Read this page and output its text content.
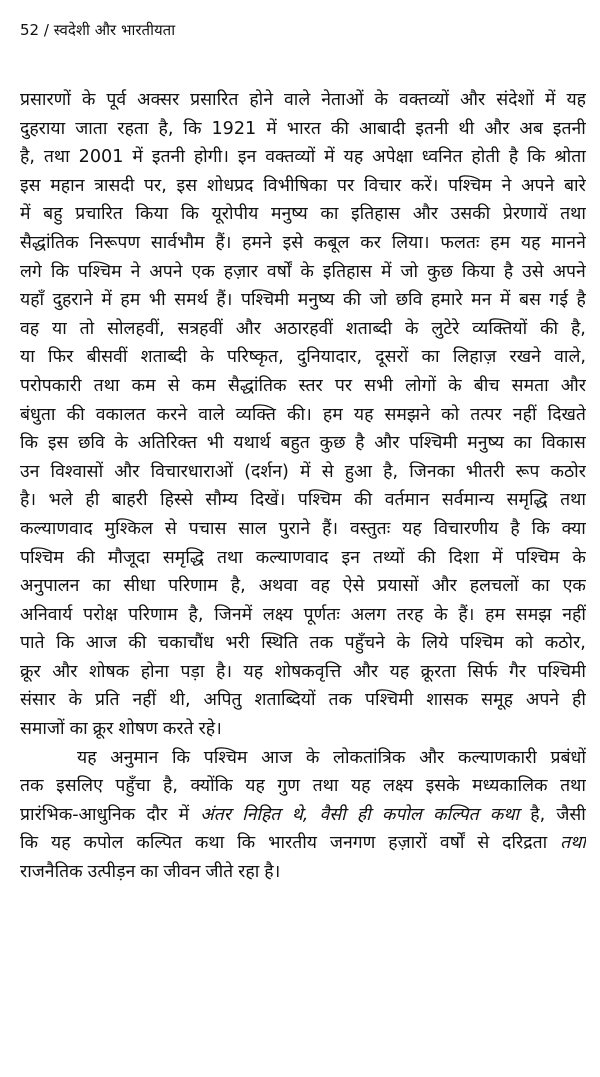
52 / स्वदेशी और भारतीयता
प्रसारणों के पूर्व अक्सर प्रसारित होने वाले नेताओं के वक्तव्यों और संदेशों में यह
दुहराया जाता रहता है, कि 1921 में भारत की आबादी इतनी थी और अब इतनी
है, तथा 2001 में इतनी होगी। इन वक्तव्यों में यह अपेक्षा ध्वनित होती है कि श्रोता
इस महान त्रासदी पर, इस शोधप्रद विभीषिका पर विचार करें। पश्चिम ने अपने बारे
में बहु प्रचारित किया कि यूरोपीय मनुष्य का इतिहास और उसकी प्रेरणायें तथा
सैद्धांतिक निरूपण सार्वभौम हैं। हमने इसे कबूल कर लिया। फलतः हम यह मानने
लगे कि पश्चिम ने अपने एक हज़ार वर्षों के इतिहास में जो कुछ किया है उसे अपने
यहाँ दुहराने में हम भी समर्थ हैं। पश्चिमी मनुष्य की जो छवि हमारे मन में बस गई है
वह या तो सोलहवीं, सत्रहवीं और अठारहवीं शताब्दी के लुटेरे व्यक्तियों की है,
या फिर बीसवीं शताब्दी के परिष्कृत, दुनियादार, दूसरों का लिहाज़ रखने वाले,
परोपकारी तथा कम से कम सैद्धांतिक स्तर पर सभी लोगों के बीच समता और
बंधुता की वकालत करने वाले व्यक्ति की। हम यह समझने को तत्पर नहीं दिखते
कि इस छवि के अतिरिक्त भी यथार्थ बहुत कुछ है और पश्चिमी मनुष्य का विकास
उन विश्वासों और विचारधाराओं (दर्शन) में से हुआ है, जिनका भीतरी रूप कठोर
है। भले ही बाहरी हिस्से सौम्य दिखें। पश्चिम की वर्तमान सर्वमान्य समृद्धि तथा
कल्याणवाद मुश्किल से पचास साल पुराने हैं। वस्तुतः यह विचारणीय है कि क्या
पश्चिम की मौजूदा समृद्धि तथा कल्याणवाद इन तथ्यों की दिशा में पश्चिम के
अनुपालन का सीधा परिणाम है, अथवा वह ऐसे प्रयासों और हलचलों का एक
अनिवार्य परोक्ष परिणाम है, जिनमें लक्ष्य पूर्णतः अलग तरह के हैं। हम समझ नहीं
पाते कि आज की चकाचौंध भरी स्थिति तक पहुँचने के लिये पश्चिम को कठोर,
क्रूर और शोषक होना पड़ा है। यह शोषकवृत्ति और यह क्रूरता सिर्फ गैर पश्चिमी
संसार के प्रति नहीं थी, अपितु शताब्दियों तक पश्चिमी शासक समूह अपने ही
समाजों का क्रूर शोषण करते रहे।
यह अनुमान कि पश्चिम आज के लोकतांत्रिक और कल्याणकारी प्रबंधों
तक इसलिए पहुँचा है, क्योंकि यह गुण तथा यह लक्ष्य इसके मध्यकालिक तथा
प्रारंभिक-आधुनिक दौर में अंतर निहित थे, वैसी ही कपोल कल्पित कथा है, जैसी
कि यह कपोल कल्पित कथा कि भारतीय जनगण हज़ारों वर्षों से दरिद्रता तथा
राजनैतिक उत्पीड़न का जीवन जीते रहा है।
